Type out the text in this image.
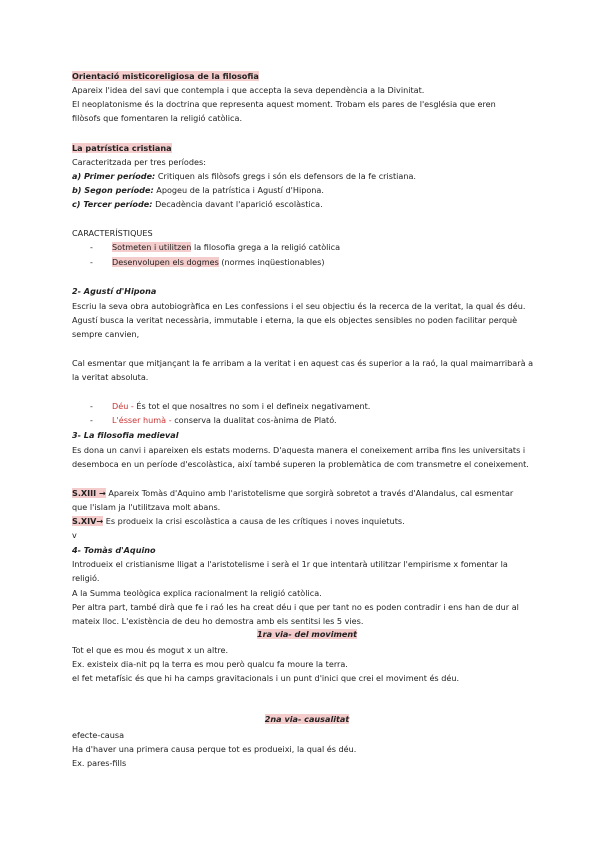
Orientació misticoreligiosa de la filosofia
Apareix l'idea del savi que contempla i que accepta la seva dependència a la Divinitat.
El neoplatonisme és la doctrina que representa aquest moment. Trobam els pares de l'església que eren
filòsofs que fomentaren la religió catòlica.
La patrística cristiana
Caracteritzada per tres períodes:
a) Primer període: Critiquen als filòsofs gregs i són els defensors de la fe cristiana.
b) Segon període: Apogeu de la patrística i Agustí d'Hipona.
c) Tercer període: Decadència davant l'aparició escolàstica.
CARACTERÍSTIQUES
- Sotmeten i utilitzen la filosofia grega a la religió catòlica
- Desenvolupen els dogmes (normes inqüestionables)
2- Agustí d'Hipona
Escriu la seva obra autobiogràfica en Les confessions i el seu objectiu és la recerca de la veritat, la qual és déu.
Agustí busca la veritat necessària, immutable i eterna, la que els objectes sensibles no poden facilitar perquè
sempre canvien,
Cal esmentar que mitjançant la fe arribam a la veritat i en aquest cas és superior a la raó, la qual maimarribarà a
la veritat absoluta.
- Déu - És tot el que nosaltres no som i el defineix negativament.
- L'ésser humà - conserva la dualitat cos-ànima de Plató.
3- La filosofia medieval
Es dona un canvi i apareixen els estats moderns. D'aquesta manera el coneixement arriba fins les universitats i
desemboca en un període d'escolàstica, així també superen la problemàtica de com transmetre el coneixement.
S.XIII → Apareix Tomàs d'Aquino amb l'aristotelisme que sorgirà sobretot a través d'Alandalus, cal esmentar
que l'islam ja l'utilitzava molt abans.
S.XIV→ Es produeix la crisi escolàstica a causa de les crítiques i noves inquietuts.
v
4- Tomàs d'Aquino
Introdueix el cristianisme lligat a l'aristotelisme i serà el 1r que intentarà utilitzar l'empirisme x fomentar la
religió.
A la Summa teològica explica racionalment la religió catòlica.
Per altra part, també dirà que fe i raó les ha creat déu i que per tant no es poden contradir i ens han de dur al
mateix lloc. L'existència de deu ho demostra amb els sentitsi les 5 vies.
1ra via- del moviment
Tot el que es mou és mogut x un altre.
Ex. existeix dia-nit pq la terra es mou però qualcu fa moure la terra.
el fet metafísic és que hi ha camps gravitacionals i un punt d'inici que crei el moviment és déu.
2na via- causalitat
efecte-causa
Ha d'haver una primera causa perque tot es produeixi, la qual és déu.
Ex. pares-fills
